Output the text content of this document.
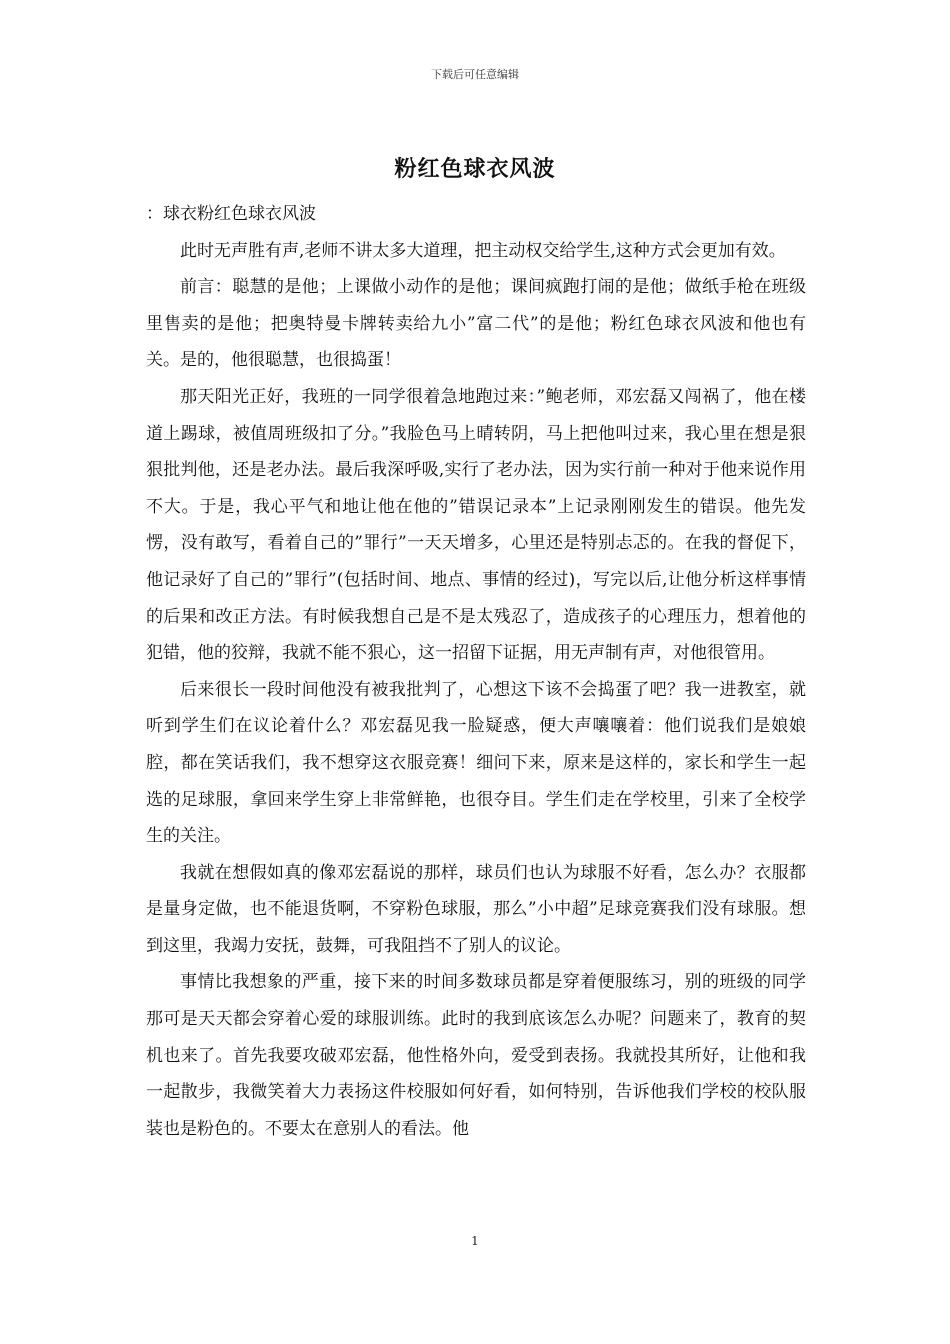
下载后可任意编辑
粉红色球衣风波

：球衣粉红色球衣风波

此时无声胜有声,老师不讲太多大道理，把主动权交给学生,这种方式会更加有效。

前言：聪慧的是他；上课做小动作的是他；课间疯跑打闹的是他；做纸手枪在班级里售卖的是他；把奥特曼卡牌转卖给九小”富二代”的是他；粉红色球衣风波和他也有关。是的，他很聪慧，也很捣蛋！

那天阳光正好，我班的一同学很着急地跑过来：”鲍老师，邓宏磊又闯祸了，他在楼道上踢球，被值周班级扣了分。”我脸色马上晴转阴，马上把他叫过来，我心里在想是狠狠批判他，还是老办法。最后我深呼吸,实行了老办法，因为实行前一种对于他来说作用不大。于是，我心平气和地让他在他的”错误记录本”上记录刚刚发生的错误。他先发愣，没有敢写，看着自己的”罪行”一天天增多，心里还是特别忐忑的。在我的督促下，他记录好了自己的”罪行”(包括时间、地点、事情的经过)，写完以后,让他分析这样事情的后果和改正方法。有时候我想自己是不是太残忍了，造成孩子的心理压力，想着他的犯错，他的狡辩，我就不能不狠心，这一招留下证据，用无声制有声，对他很管用。

后来很长一段时间他没有被我批判了，心想这下该不会捣蛋了吧？我一进教室，就听到学生们在议论着什么？邓宏磊见我一脸疑惑，便大声嚷嚷着：他们说我们是娘娘腔，都在笑话我们，我不想穿这衣服竞赛！细问下来，原来是这样的，家长和学生一起选的足球服，拿回来学生穿上非常鲜艳，也很夺目。学生们走在学校里，引来了全校学生的关注。

我就在想假如真的像邓宏磊说的那样，球员们也认为球服不好看，怎么办？衣服都是量身定做，也不能退货啊，不穿粉色球服，那么”小中超”足球竞赛我们没有球服。想到这里，我竭力安抚，鼓舞，可我阻挡不了别人的议论。

事情比我想象的严重，接下来的时间多数球员都是穿着便服练习，别的班级的同学那可是天天都会穿着心爱的球服训练。此时的我到底该怎么办呢？问题来了，教育的契机也来了。首先我要攻破邓宏磊，他性格外向，爱受到表扬。我就投其所好，让他和我一起散步，我微笑着大力表扬这件校服如何好看，如何特别，告诉他我们学校的校队服装也是粉色的。不要太在意别人的看法。他

1
